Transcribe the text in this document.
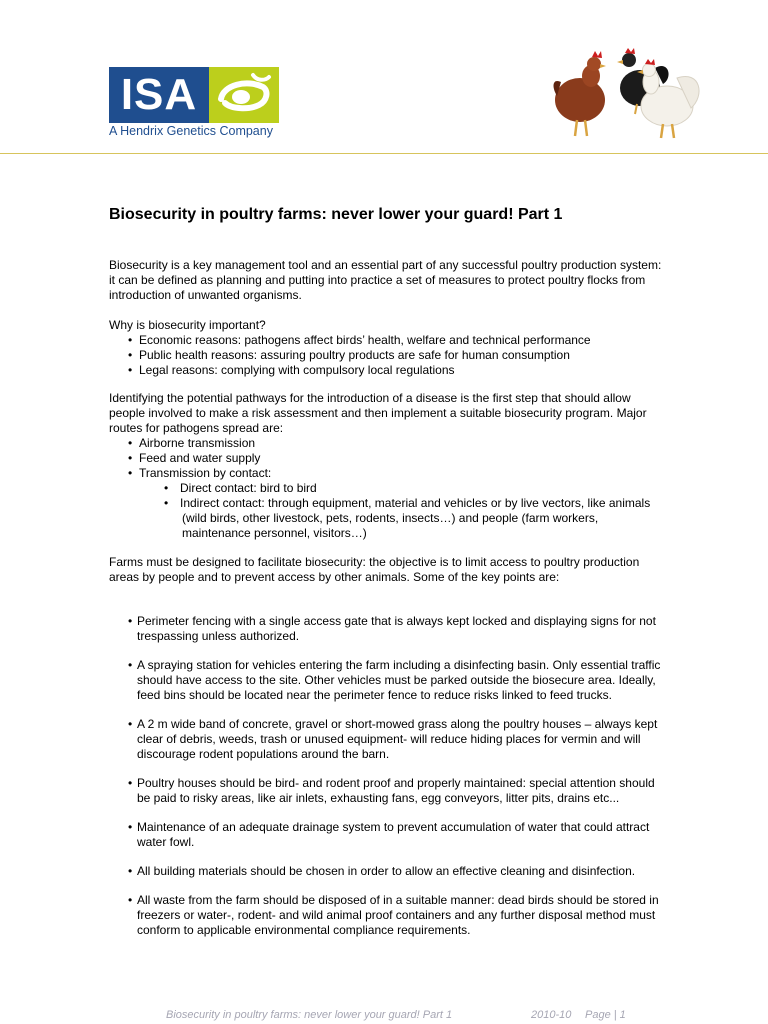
ISA
A Hendrix Genetics Company
Biosecurity in poultry farms: never lower your guard! Part 1

Biosecurity is a key management tool and an essential part of any successful poultry production system: it can be defined as planning and putting into practice a set of measures to protect poultry flocks from introduction of unwanted organisms.

Why is biosecurity important?

• Economic reasons: pathogens affect birds’ health, welfare and technical performance
• Public health reasons: assuring poultry products are safe for human consumption
• Legal reasons: complying with compulsory local regulations

Identifying the potential pathways for the introduction of a disease is the first step that should allow people involved to make a risk assessment and then implement a suitable biosecurity program. Major routes for pathogens spread are:

• Airborne transmission
• Feed and water supply
• Transmission by contact:
• Direct contact: bird to bird
• Indirect contact: through equipment, material and vehicles or by live vectors, like animals (wild birds, other livestock, pets, rodents, insects…) and people (farm workers, maintenance personnel, visitors…)

Farms must be designed to facilitate biosecurity: the objective is to limit access to poultry production areas by people and to prevent access by other animals. Some of the key points are:

• Perimeter fencing with a single access gate that is always kept locked and displaying signs for not trespassing unless authorized.

• A spraying station for vehicles entering the farm including a disinfecting basin. Only essential traffic should have access to the site. Other vehicles must be parked outside the biosecure area. Ideally, feed bins should be located near the perimeter fence to reduce risks linked to feed trucks.

• A 2 m wide band of concrete, gravel or short-mowed grass along the poultry houses – always kept clear of debris, weeds, trash or unused equipment- will reduce hiding places for vermin and will discourage rodent populations around the barn.

• Poultry houses should be bird- and rodent proof and properly maintained: special attention should be paid to risky areas, like air inlets, exhausting fans, egg conveyors, litter pits, drains etc...

• Maintenance of an adequate drainage system to prevent accumulation of water that could attract water fowl.

• All building materials should be chosen in order to allow an effective cleaning and disinfection.

• All waste from the farm should be disposed of in a suitable manner: dead birds should be stored in freezers or water-, rodent- and wild animal proof containers and any further disposal method must conform to applicable environmental compliance requirements.

Biosecurity in poultry farms: never lower your guard! Part 1	2010-10 Page | 1
